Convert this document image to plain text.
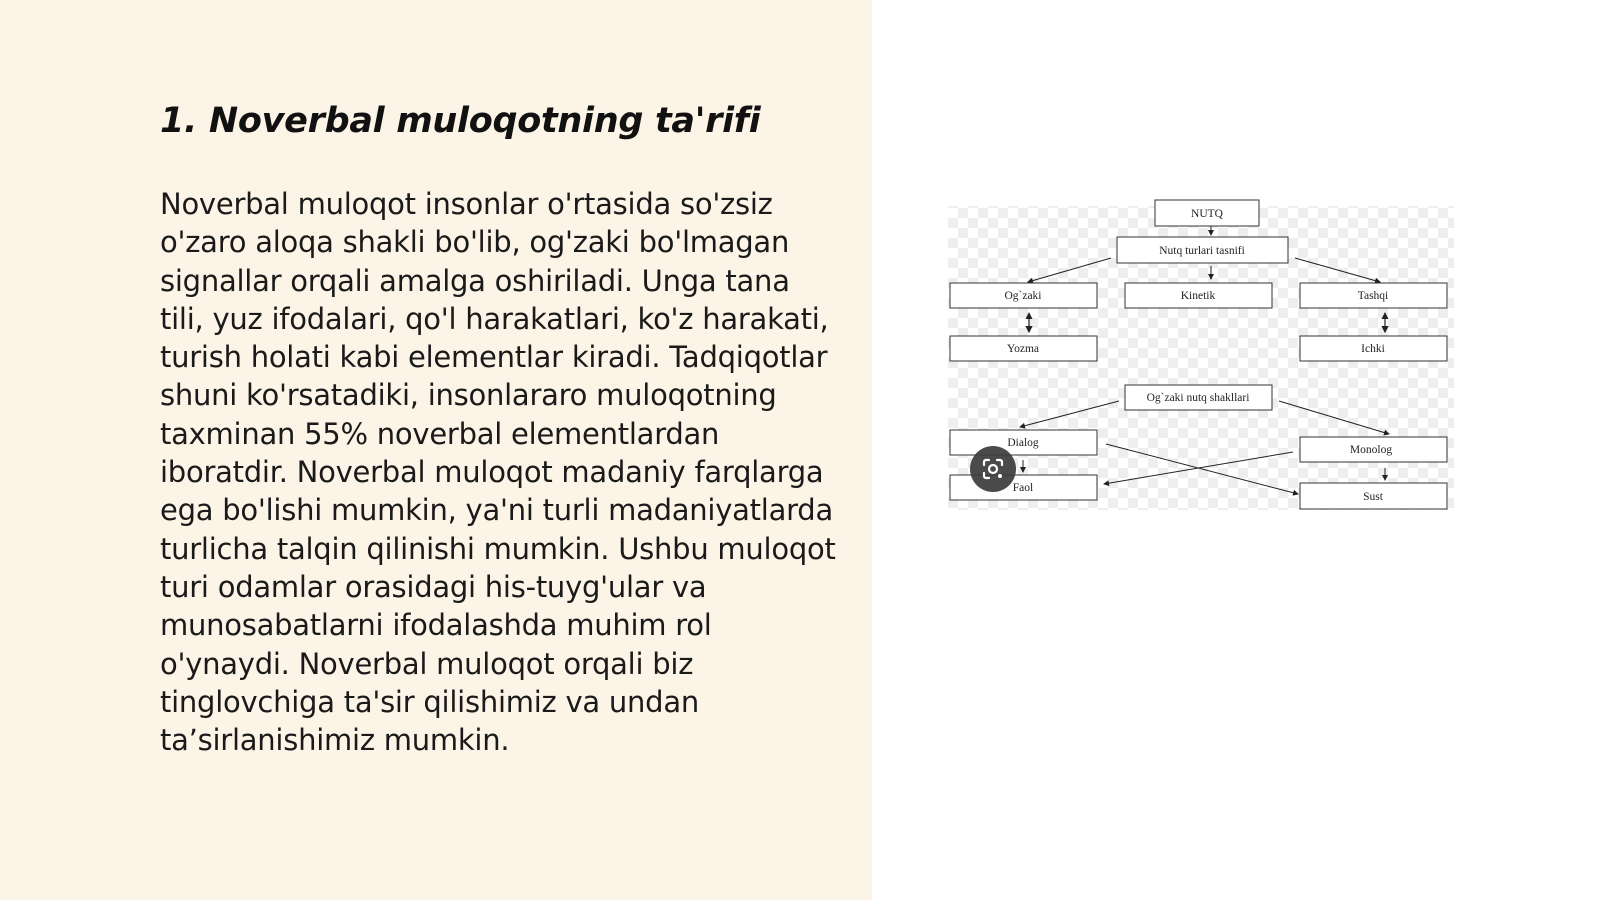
1. Noverbal muloqotning ta'rifi

Noverbal muloqot insonlar o'rtasida so'zsiz o'zaro aloqa shakli bo'lib, og'zaki bo'lmagan signallar orqali amalga oshiriladi. Unga tana tili, yuz ifodalari, qo'l harakatlari, ko'z harakati, turish holati kabi elementlar kiradi. Tadqiqotlar shuni ko'rsatadiki, insonlararo muloqotning taxminan 55% noverbal elementlardan iboratdir. Noverbal muloqot madaniy farqlarga ega bo'lishi mumkin, ya'ni turli madaniyatlarda turlicha talqin qilinishi mumkin. Ushbu muloqot turi odamlar orasidagi his-tuyg'ular va munosabatlarni ifodalashda muhim rol o'ynaydi. Noverbal muloqot orqali biz tinglovchiga ta'sir qilishimiz va undan ta’sirlanishimiz mumkin.

NUTQ
Nutq turlari tasnifi
Og`zaki	Kinetik	Tashqi
Yozma	Ichki
Og`zaki nutq shakllari
Dialog
Monolog
Faol
Sust
